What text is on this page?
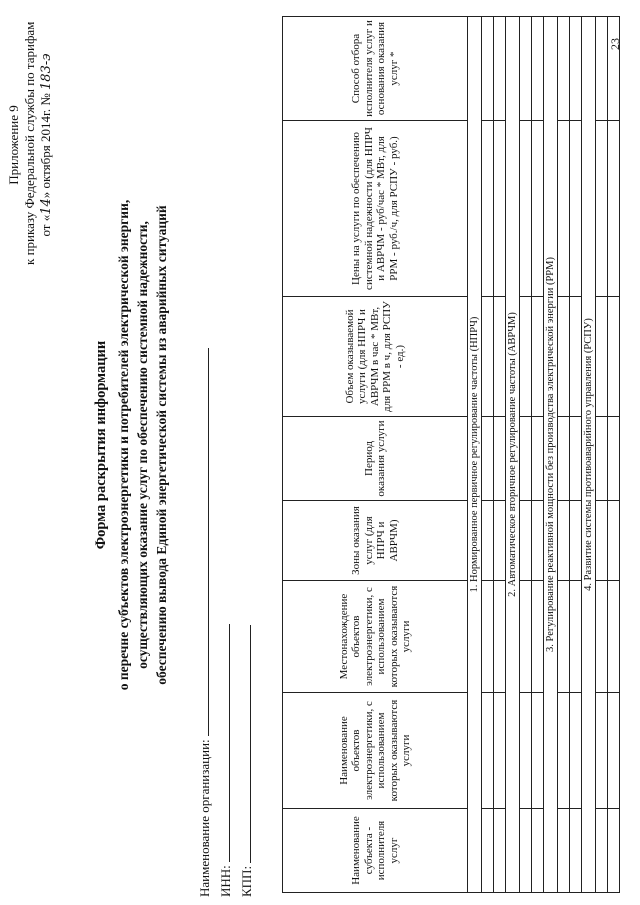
Приложение 9 к приказу Федеральной службы по тарифам от «14» октября 2014г. № 183-э
Форма раскрытия информации о перечне субъектов электроэнергетики и потребителей электрической энергии, осуществляющих оказание услуг по обеспечению системной надежности, обеспечению вывода Единой энергетической системы из аварийных ситуаций
Наименование организации: ИНН: КПП:	Наименование субъекта - исполнителя услуг	Наименование объектов электроэнергетики, с использованием которых оказываются услуги	Местонахождение объектов электроэнергетики, с использованием которых оказываются услуги	Зоны оказания услуг (для НПРЧ и АВРЧМ)	Период оказания услуги	Объем оказываемой услуги (для НПРЧ и АВРЧМ в час * МВт, для РРМ в ч, для РСПУ - ед.)	Цены на услуги по обеспечению системной надежности (для НПРЧ и АВРЧМ - руб/час * МВт, для РРМ - руб./ч, для РСПУ - руб.)	Способ отбора исполнителя услуг и основания оказания услуг *
1. Нормированное первичное регулирование частоты (НПРЧ)							

2. Автоматическое вторичное регулирование частоты (АВРЧМ)							

3. Регулирование реактивной мощности без производства электрической энергии (РРМ)							

4. Развитие системы противоаварийного управления (РСПУ)							

23
